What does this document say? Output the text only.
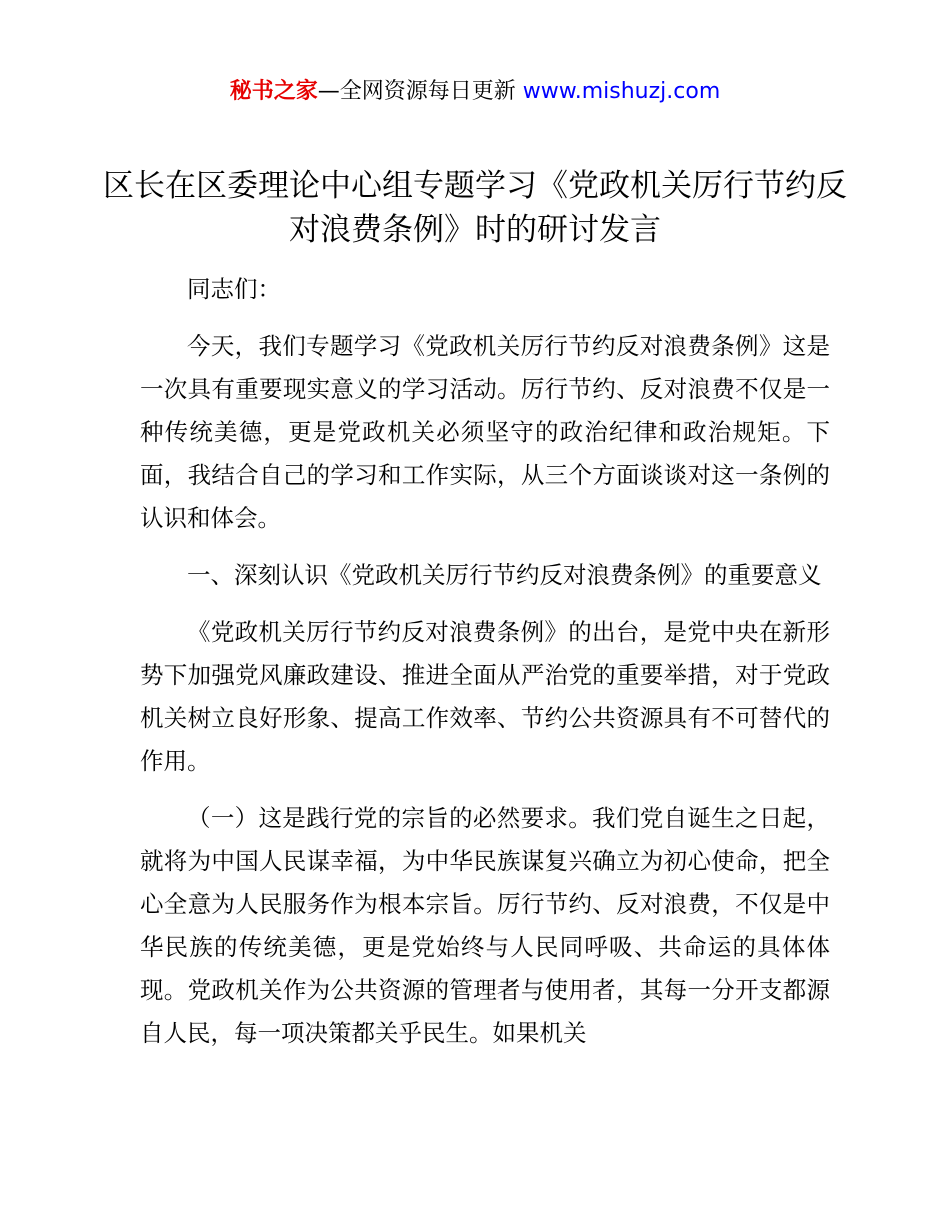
秘书之家—全网资源每日更新 www.mishuzj.com
区长在区委理论中心组专题学习《党政机关厉行节约反对浪费条例》时的研讨发言

同志们：

今天，我们专题学习《党政机关厉行节约反对浪费条例》这是一次具有重要现实意义的学习活动。厉行节约、反对浪费不仅是一种传统美德，更是党政机关必须坚守的政治纪律和政治规矩。下面，我结合自己的学习和工作实际，从三个方面谈谈对这一条例的认识和体会。

一、深刻认识《党政机关厉行节约反对浪费条例》的重要意义

《党政机关厉行节约反对浪费条例》的出台，是党中央在新形势下加强党风廉政建设、推进全面从严治党的重要举措，对于党政机关树立良好形象、提高工作效率、节约公共资源具有不可替代的作用。

（一）这是践行党的宗旨的必然要求。我们党自诞生之日起，就将为中国人民谋幸福，为中华民族谋复兴确立为初心使命，把全心全意为人民服务作为根本宗旨。厉行节约、反对浪费，不仅是中华民族的传统美德，更是党始终与人民同呼吸、共命运的具体体现。党政机关作为公共资源的管理者与使用者，其每一分开支都源自人民，每一项决策都关乎民生。如果机关
